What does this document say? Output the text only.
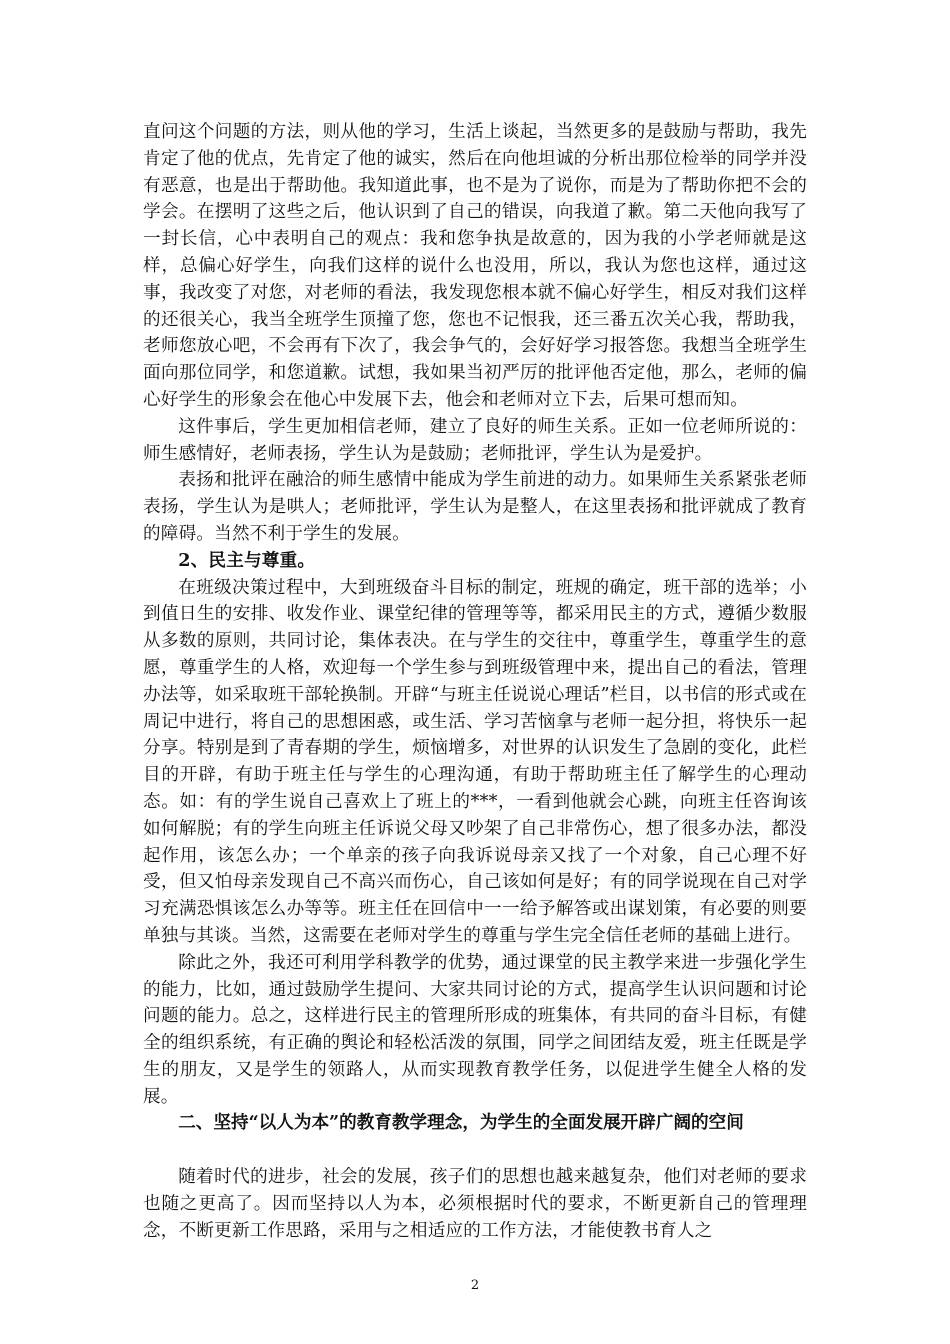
直问这个问题的方法，则从他的学习，生活上谈起，当然更多的是鼓励与帮助，我先肯定了他的优点，先肯定了他的诚实，然后在向他坦诚的分析出那位检举的同学并没有恶意，也是出于帮助他。我知道此事，也不是为了说你，而是为了帮助你把不会的学会。在摆明了这些之后，他认识到了自己的错误，向我道了歉。第二天他向我写了一封长信，心中表明自己的观点：我和您争执是故意的，因为我的小学老师就是这样，总偏心好学生，向我们这样的说什么也没用，所以，我认为您也这样，通过这事，我改变了对您，对老师的看法，我发现您根本就不偏心好学生，相反对我们这样的还很关心，我当全班学生顶撞了您，您也不记恨我，还三番五次关心我，帮助我，老师您放心吧，不会再有下次了，我会争气的，会好好学习报答您。我想当全班学生面向那位同学，和您道歉。试想，我如果当初严厉的批评他否定他，那么，老师的偏心好学生的形象会在他心中发展下去，他会和老师对立下去，后果可想而知。

这件事后，学生更加相信老师，建立了良好的师生关系。正如一位老师所说的：师生感情好，老师表扬，学生认为是鼓励；老师批评，学生认为是爱护。

表扬和批评在融洽的师生感情中能成为学生前进的动力。如果师生关系紧张老师表扬，学生认为是哄人；老师批评，学生认为是整人，在这里表扬和批评就成了教育的障碍。当然不利于学生的发展。

2、民主与尊重。

在班级决策过程中，大到班级奋斗目标的制定，班规的确定，班干部的选举；小到值日生的安排、收发作业、课堂纪律的管理等等，都采用民主的方式，遵循少数服从多数的原则，共同讨论，集体表决。在与学生的交往中，尊重学生，尊重学生的意愿，尊重学生的人格，欢迎每一个学生参与到班级管理中来，提出自己的看法，管理办法等，如采取班干部轮换制。开辟“与班主任说说心理话”栏目，以书信的形式或在周记中进行，将自己的思想困惑，或生活、学习苦恼拿与老师一起分担，将快乐一起分享。特别是到了青春期的学生，烦恼增多，对世界的认识发生了急剧的变化，此栏目的开辟，有助于班主任与学生的心理沟通，有助于帮助班主任了解学生的心理动态。如：有的学生说自己喜欢上了班上的***，一看到他就会心跳，向班主任咨询该如何解脱；有的学生向班主任诉说父母又吵架了自己非常伤心，想了很多办法，都没起作用，该怎么办；一个单亲的孩子向我诉说母亲又找了一个对象，自己心理不好受，但又怕母亲发现自己不高兴而伤心，自己该如何是好；有的同学说现在自己对学习充满恐惧该怎么办等等。班主任在回信中一一给予解答或出谋划策，有必要的则要单独与其谈。当然，这需要在老师对学生的尊重与学生完全信任老师的基础上进行。

除此之外，我还可利用学科教学的优势，通过课堂的民主教学来进一步强化学生的能力，比如，通过鼓励学生提问、大家共同讨论的方式，提高学生认识问题和讨论问题的能力。总之，这样进行民主的管理所形成的班集体，有共同的奋斗目标，有健全的组织系统，有正确的舆论和轻松活泼的氛围，同学之间团结友爱，班主任既是学生的朋友，又是学生的领路人，从而实现教育教学任务，以促进学生健全人格的发展。

二、坚持“以人为本”的教育教学理念，为学生的全面发展开辟广阔的空间

随着时代的进步，社会的发展，孩子们的思想也越来越复杂，他们对老师的要求也随之更高了。因而坚持以人为本，必须根据时代的要求，不断更新自己的管理理念，不断更新工作思路，采用与之相适应的工作方法，才能使教书育人之

2
